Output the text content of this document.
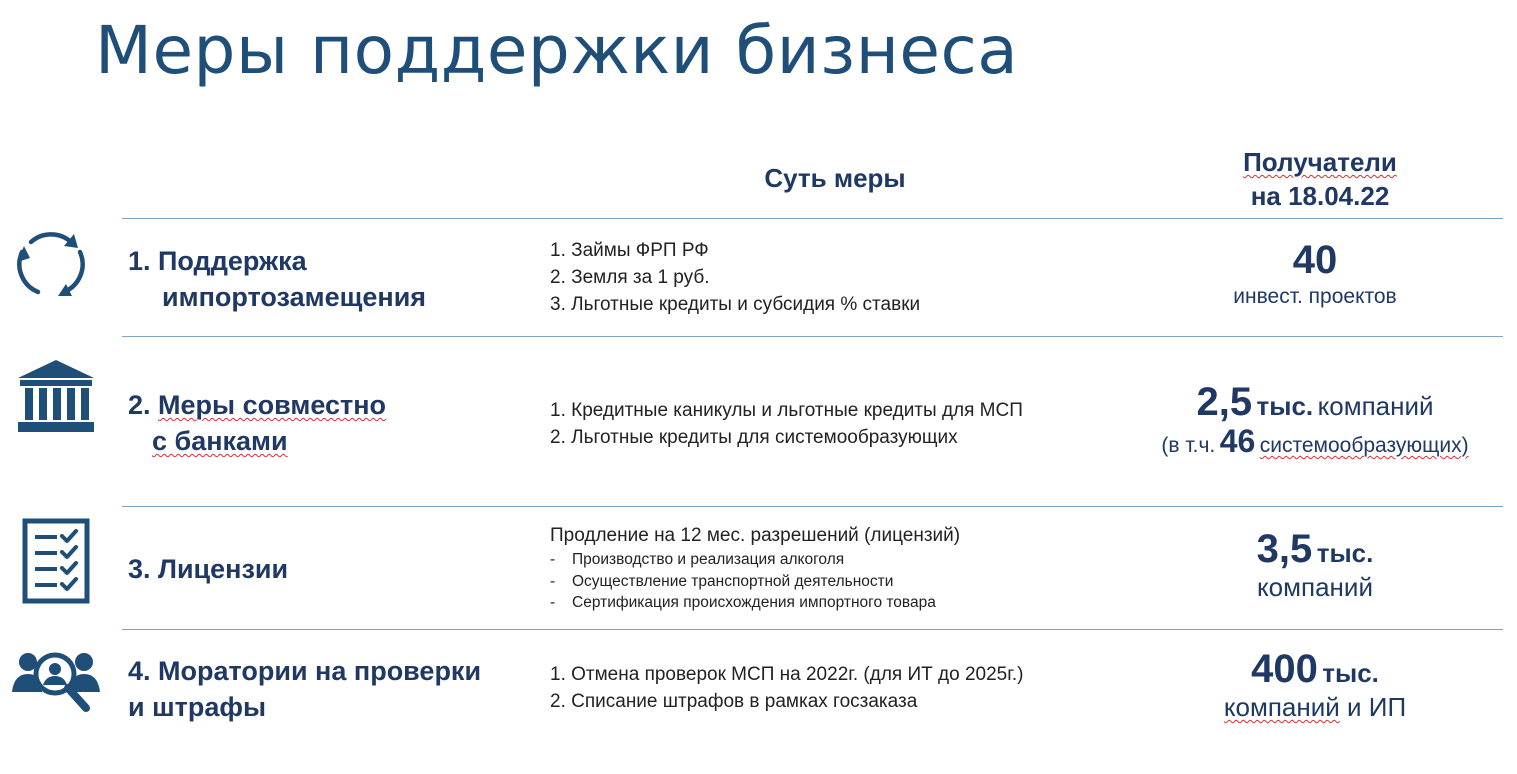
Меры поддержки бизнеса
Суть меры
Получатели
на 18.04.22
1. Поддержка
импортозамещения
1. Займы ФРП РФ
2. Земля за 1 руб.
3. Льготные кредиты и субсидия % ставки
40
инвест. проектов
2. Меры совместно
с банками
1. Кредитные каникулы и льготные кредиты для МСП
2. Льготные кредиты для системообразующих
2,5 тыс. компаний
(в т.ч. 46 системообразующих)
3. Лицензии
Продление на 12 мес. разрешений (лицензий)
- Производство и реализация алкоголя
- Осуществление транспортной деятельности
- Сертификация происхождения импортного товара
3,5 тыс.
компаний
4. Моратории на проверки
и штрафы
1. Отмена проверок МСП на 2022г. (для ИТ до 2025г.)
2. Списание штрафов в рамках госзаказа
400 тыс.
компаний и ИП
